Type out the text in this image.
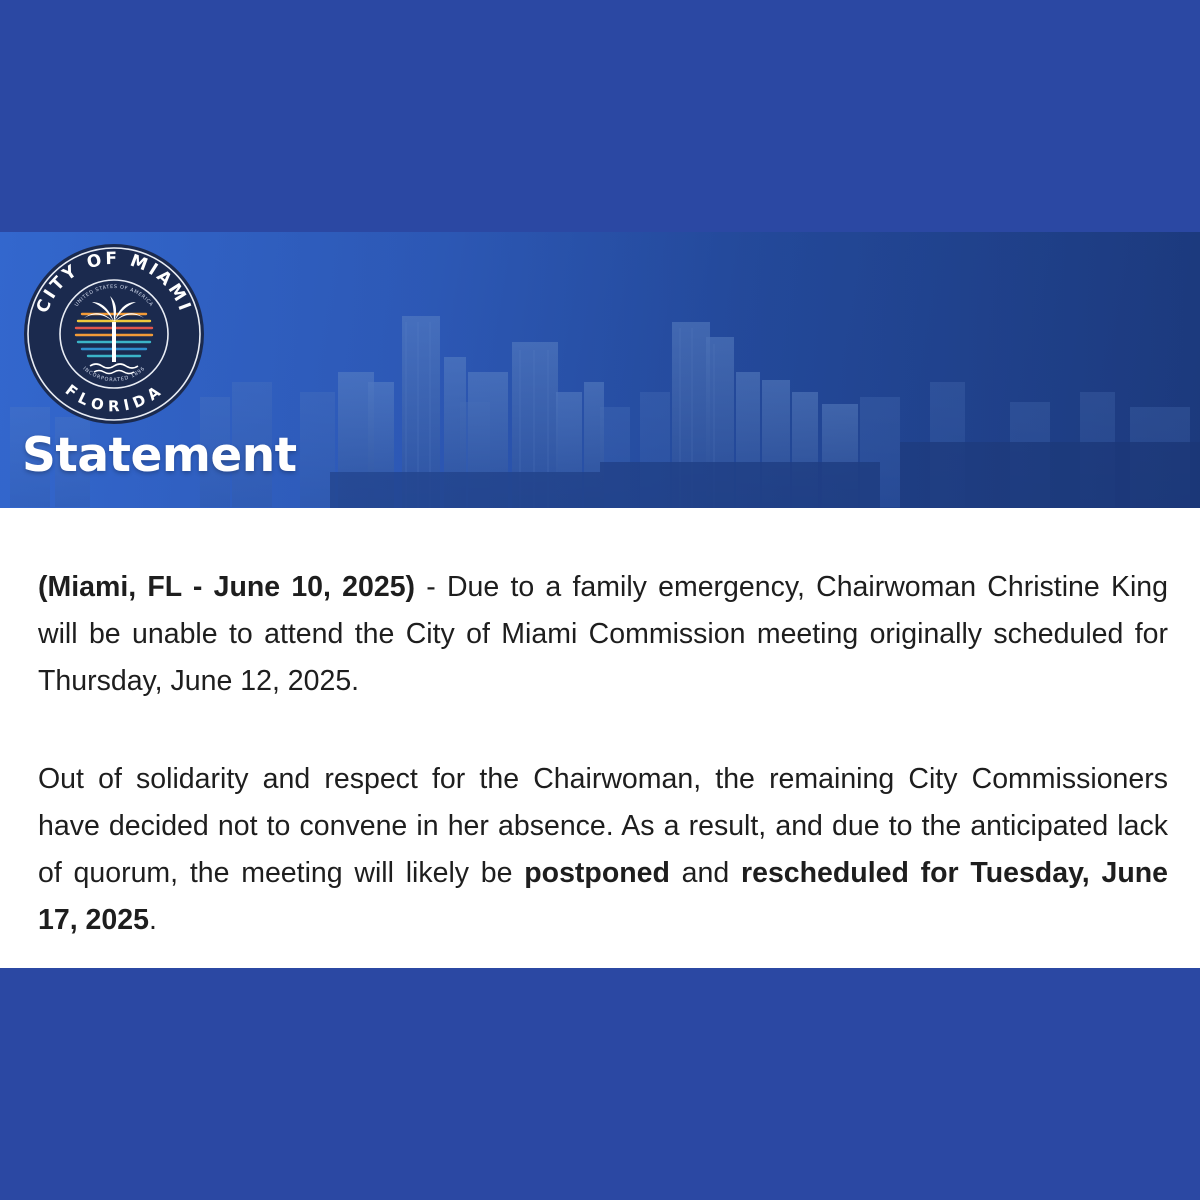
CITY OF MIAMI
FLORIDA
UNITED STATES OF AMERICA
INCORPORATED 1896
Statement

(Miami, FL - June 10, 2025) - Due to a family emergency, Chairwoman Christine King will be unable to attend the City of Miami Commission meeting originally scheduled for Thursday, June 12, 2025.

Out of solidarity and respect for the Chairwoman, the remaining City Commissioners have decided not to convene in her absence. As a result, and due to the anticipated lack of quorum, the meeting will likely be postponed and rescheduled for Tuesday, June 17, 2025.
